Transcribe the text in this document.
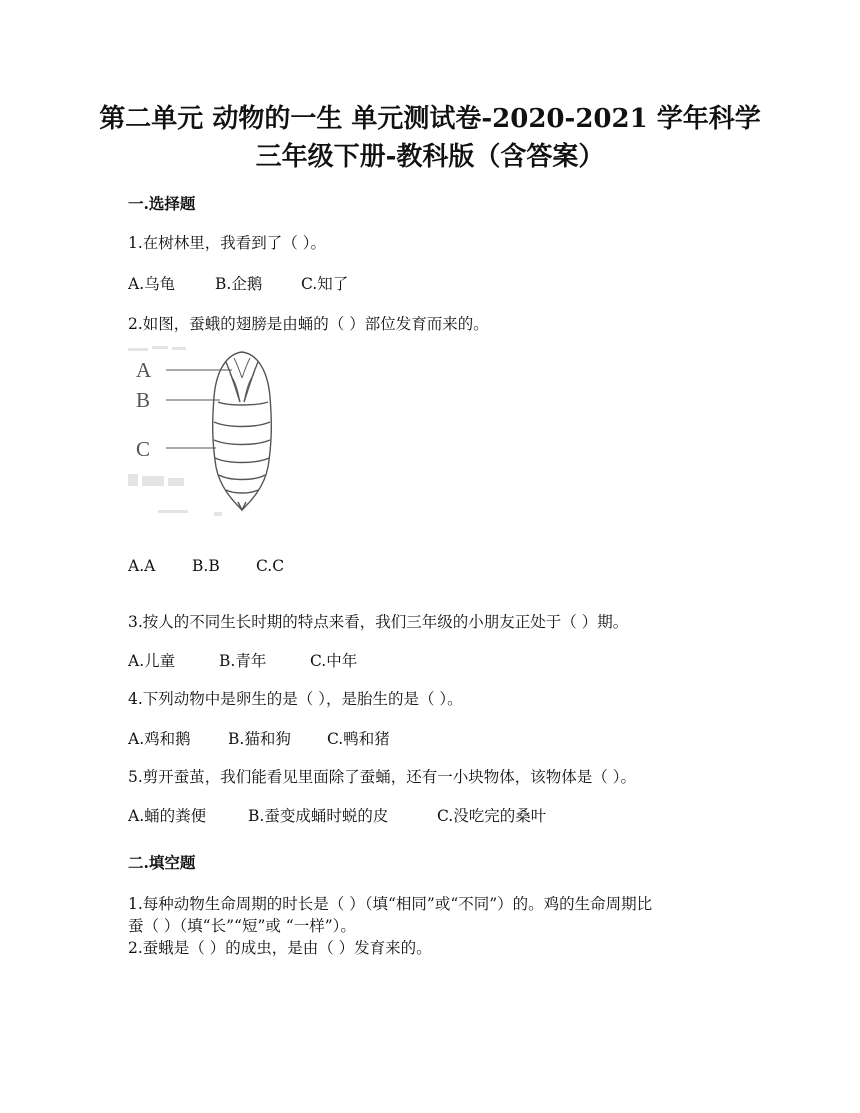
第二单元 动物的一生 单元测试卷-2020-2021 学年科学
三年级下册-教科版（含答案）
一.选择题
1.在树林里，我看到了（ ）。
A.乌龟	B.企鹅 C.知了
2.如图，蚕蛾的翅膀是由蛹的（ ）部位发育而来的。
A
B
C
A.A B.B C.C
3.按人的不同生长时期的特点来看，我们三年级的小朋友正处于（ ）期。
A.儿童	B.青年	C.中年
4.下列动物中是卵生的是（ ），是胎生的是（ ）。
A.鸡和鹅 B.猫和狗 C.鸭和猪
5.剪开蚕茧，我们能看见里面除了蚕蛹，还有一小块物体，该物体是（ ）。
A.蛹的粪便	B.蚕变成蛹时蜕的皮	C.没吃完的桑叶
二.填空题
1.每种动物生命周期的时长是（ ）（填“相同”或“不同”）的。鸡的生命周期比
蚕（ ）（填“长”“短”或 “一样”）。
2.蚕蛾是（ ）的成虫，是由（ ）发育来的。
